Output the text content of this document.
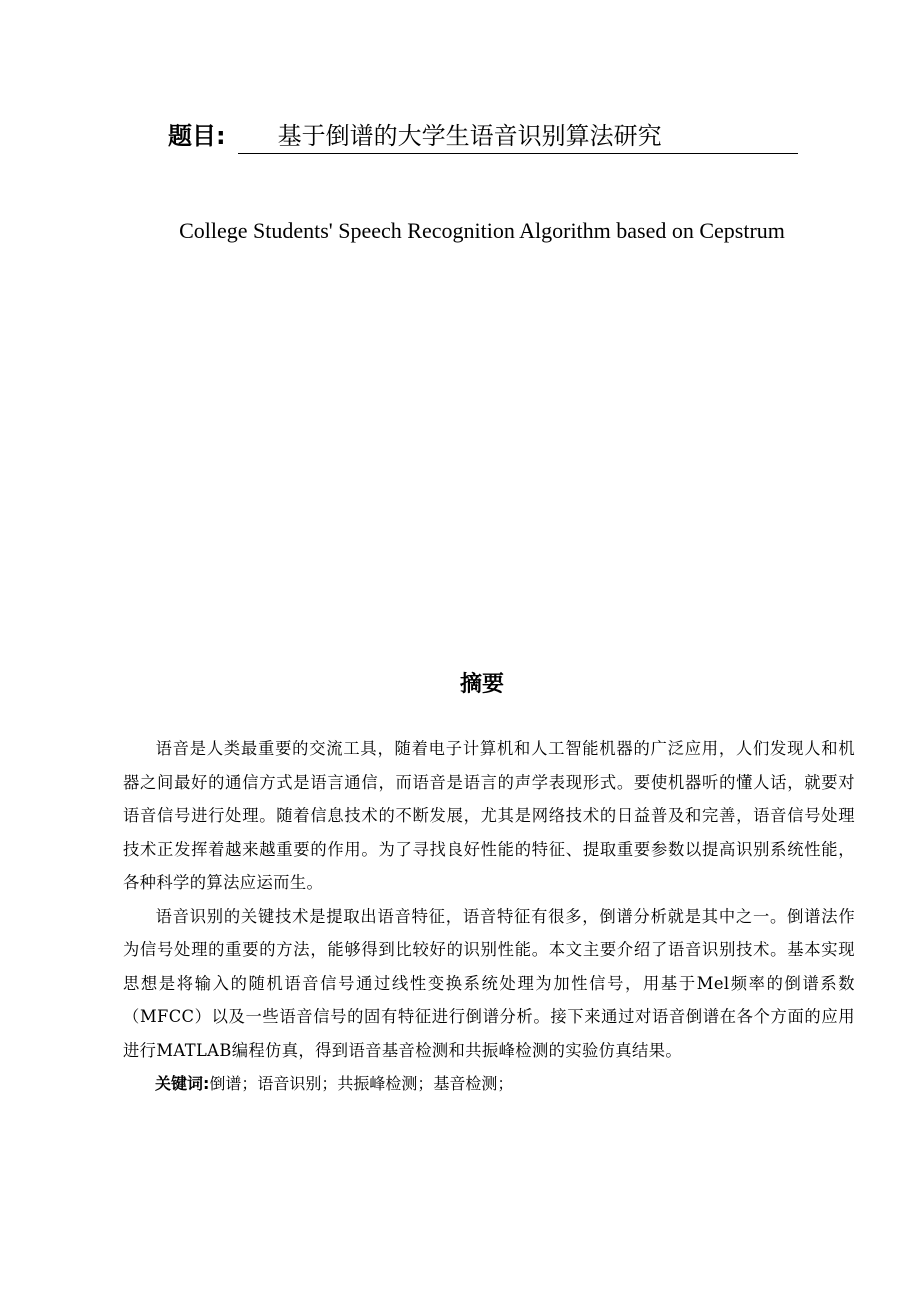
题目:	基于倒谱的大学生语音识别算法研究
College Students' Speech Recognition Algorithm based on Cepstrum
摘要

语音是人类最重要的交流工具，随着电子计算机和人工智能机器的广泛应用，人们发现人和机器之间最好的通信方式是语言通信，而语音是语言的声学表现形式。要使机器听的懂人话，就要对语音信号进行处理。随着信息技术的不断发展，尤其是网络技术的日益普及和完善，语音信号处理技术正发挥着越来越重要的作用。为了寻找良好性能的特征、提取重要参数以提高识别系统性能，各种科学的算法应运而生。

语音识别的关键技术是提取出语音特征，语音特征有很多，倒谱分析就是其中之一。倒谱法作为信号处理的重要的方法，能够得到比较好的识别性能。本文主要介绍了语音识别技术。基本实现思想是将输入的随机语音信号通过线性变换系统处理为加性信号，用基于Mel频率的倒谱系数（MFCC）以及一些语音信号的固有特征进行倒谱分析。接下来通过对语音倒谱在各个方面的应用进行MATLAB编程仿真，得到语音基音检测和共振峰检测的实验仿真结果。

关键词:倒谱；语音识别；共振峰检测；基音检测；
